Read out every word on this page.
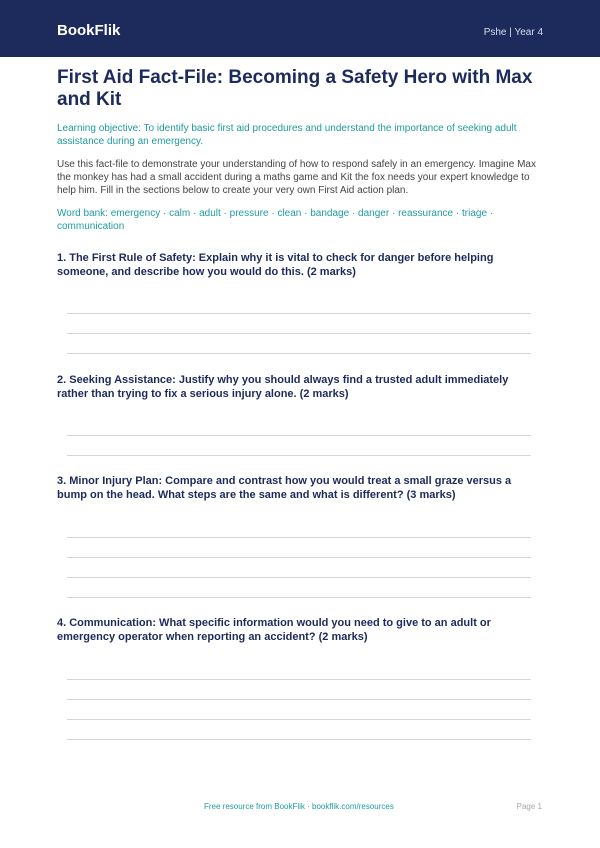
BookFlik	Pshe | Year 4
First Aid Fact-File: Becoming a Safety Hero with Max and Kit

Learning objective: To identify basic first aid procedures and understand the importance of seeking adult assistance during an emergency.

Use this fact-file to demonstrate your understanding of how to respond safely in an emergency. Imagine Max the monkey has had a small accident during a maths game and Kit the fox needs your expert knowledge to help him. Fill in the sections below to create your very own First Aid action plan.

Word bank: emergency · calm · adult · pressure · clean · bandage · danger · reassurance · triage · communication

1. The First Rule of Safety: Explain why it is vital to check for danger before helping someone, and describe how you would do this. (2 marks)

2. Seeking Assistance: Justify why you should always find a trusted adult immediately rather than trying to fix a serious injury alone. (2 marks)

3. Minor Injury Plan: Compare and contrast how you would treat a small graze versus a bump on the head. What steps are the same and what is different? (3 marks)

4. Communication: What specific information would you need to give to an adult or emergency operator when reporting an accident? (2 marks)

Free resource from BookFlik · bookflik.com/resources	Page 1
